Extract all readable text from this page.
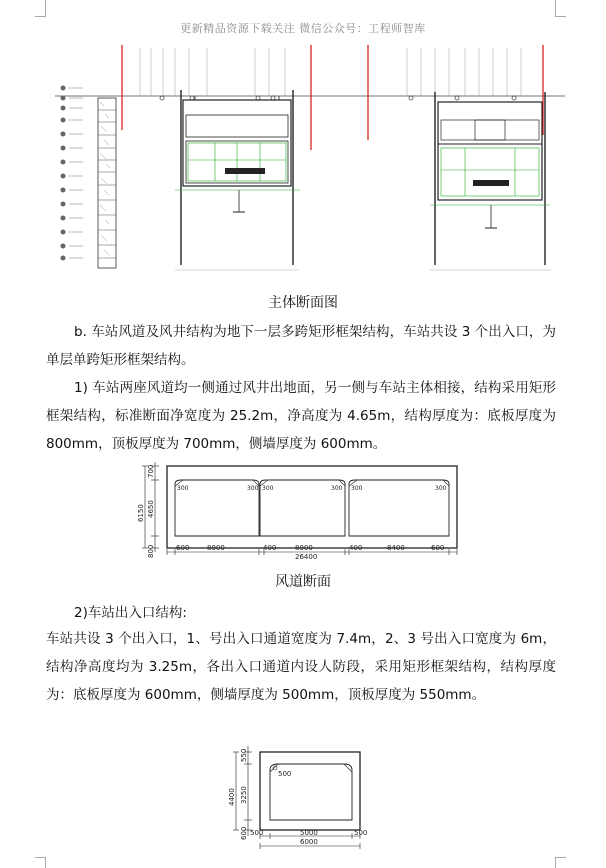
更新精品资源下载关注 微信公众号：工程师智库
主体断面图
b. 车站风道及风井结构为地下一层多跨矩形框架结构，车站共设 3 个出入口，为单层单跨矩形框架结构。
1) 车站两座风道均一侧通过风井出地面，另一侧与车站主体相接，结构采用矩形框架结构，标准断面净宽度为 25.2m，净高度为 4.65m，结构厚度为：底板厚度为 800mm，顶板厚度为 700mm，侧墙厚度为 600mm。
300	300 300	300 300	300
700
4650
800
6150
600	8000	400	8000	400	8400	600
26400
风道断面
2)车站出入口结构:
车站共设 3 个出入口，1、号出入口通道宽度为 7.4m，2、3 号出入口宽度为 6m，结构净高度均为 3.25m，各出入口通道内设人防段，采用矩形框架结构，结构厚度为：底板厚度为 600mm，侧墙厚度为 500mm，顶板厚度为 550mm。
500
550
3250
600
4400
500	5000	500
6000
